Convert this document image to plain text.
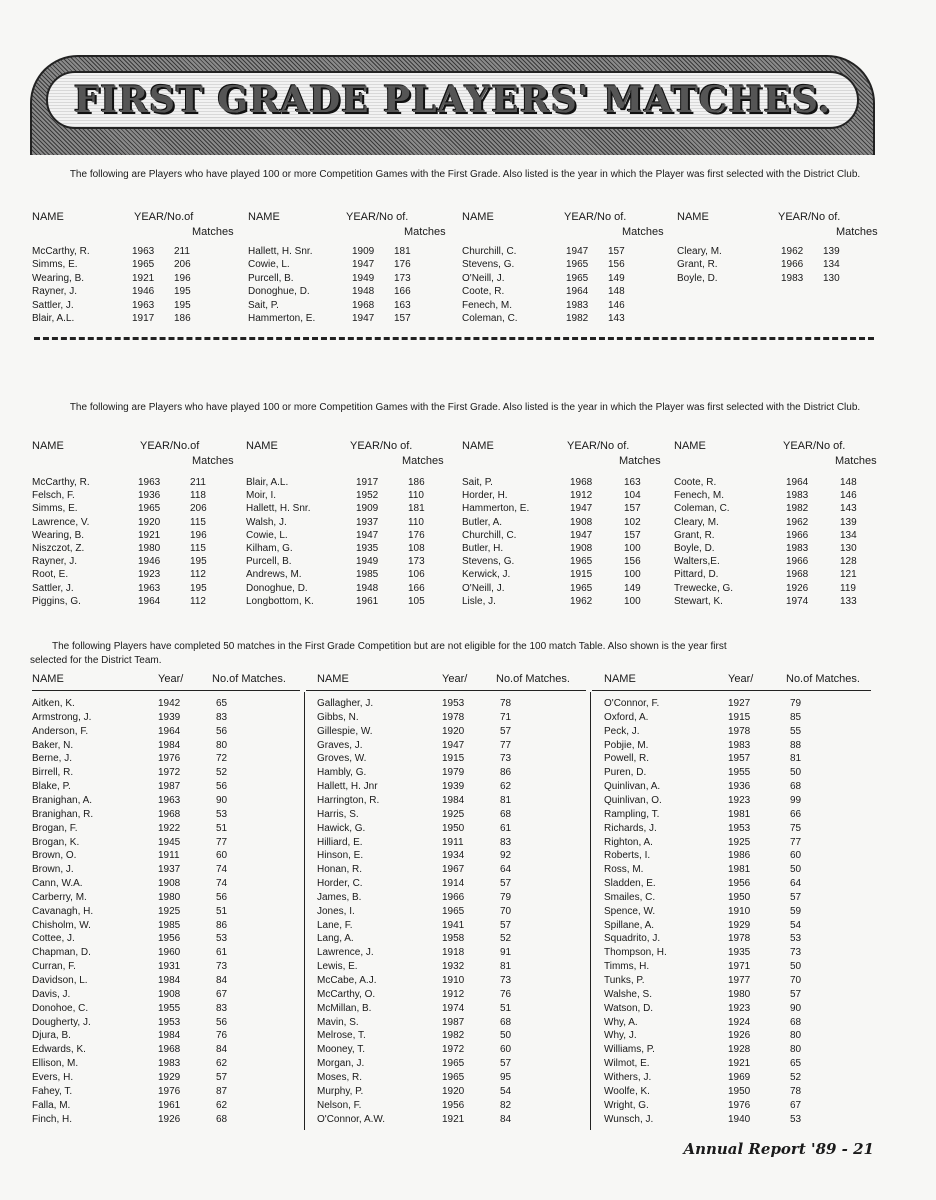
FIRST GRADE PLAYERS' MATCHES.
The following are Players who have played 100 or more Competition Games with the First Grade. Also listed is the year in which the Player was first selected with the District Club.
NAME	YEAR/No.of
Matches
McCarthy, R.	1963 211
Simms, E.	1965 206
Wearing, B.	1921 196
Rayner, J.	1946 195
Sattler, J.	1963 195
Blair, A.L.	1917 186
NAME	YEAR/No of.
Matches
Hallett, H. Snr.	1909 181
Cowie, L.	1947 176
Purcell, B.	1949 173
Donoghue, D.	1948 166
Sait, P.	1968 163
Hammerton, E.	1947 157
NAME	YEAR/No of.
Matches
Churchill, C.	1947 157
Stevens, G.	1965 156
O'Neill, J.	1965 149
Coote, R.	1964 148
Fenech, M.	1983 146
Coleman, C.	1982 143
NAME	YEAR/No of.
Matches
Cleary, M.	1962 139
Grant, R.	1966 134
Boyle, D.	1983 130
The following are Players who have played 100 or more Competition Games with the First Grade. Also listed is the year in which the Player was first selected with the District Club.
NAME	YEAR/No.of
Matches
McCarthy, R.	1963	211
Felsch, F.	1936	118
Simms, E.	1965	206
Lawrence, V.	1920	115
Wearing, B.	1921	196
Niszczot, Z.	1980	115
Rayner, J.	1946	195
Root, E.	1923	112
Sattler, J.	1963	195
Piggins, G.	1964	112
NAME	YEAR/No of.
Matches
Blair, A.L.	1917	186
Moir, I.	1952	110
Hallett, H. Snr.	1909	181
Walsh, J.	1937	110
Cowie, L.	1947	176
Kilham, G.	1935	108
Purcell, B.	1949	173
Andrews, M.	1985	106
Donoghue, D.	1948	166
Longbottom, K.	1961	105
NAME	YEAR/No of.
Matches
Sait, P.	1968	163
Horder, H.	1912	104
Hammerton, E.	1947	157
Butler, A.	1908	102
Churchill, C.	1947	157
Butler, H.	1908	100
Stevens, G.	1965	156
Kerwick, J.	1915	100
O'Neill, J.	1965	149
Lisle, J.	1962	100
NAME	YEAR/No of.
Matches
Coote, R.	1964	148
Fenech, M.	1983	146
Coleman, C.	1982	143
Cleary, M.	1962	139
Grant, R.	1966	134
Boyle, D.	1983	130
Walters,E.	1966	128
Pittard, D.	1968	121
Trewecke, G.	1926	119
Stewart, K.	1974	133
The following Players have completed 50 matches in the First Grade Competition but are not eligible for the 100 match Table. Also shown is the year first
selected for the District Team.
NAME	Year/	No.of Matches.
Aitken, K.	1942	65
Armstrong, J.	1939	83
Anderson, F.	1964	56
Baker, N.	1984	80
Berne, J.	1976	72
Birrell, R.	1972	52
Blake, P.	1987	56
Branighan, A.	1963	90
Branighan, R.	1968	53
Brogan, F.	1922	51
Brogan, K.	1945	77
Brown, O.	1911	60
Brown, J.	1937	74
Cann, W.A.	1908	74
Carberry, M.	1980	56
Cavanagh, H.	1925	51
Chisholm, W.	1985	86
Cottee, J.	1956	53
Chapman, D.	1960	61
Curran, F.	1931	73
Davidson, L.	1984	84
Davis, J.	1908	67
Donohoe, C.	1955	83
Dougherty, J.	1953	56
Djura, B.	1984	76
Edwards, K.	1968	84
Ellison, M.	1983	62
Evers, H.	1929	57
Fahey, T.	1976	87
Falla, M.	1961	62
Finch, H.	1926	68
NAME	Year/	No.of Matches.
Gallagher, J.	1953	78
Gibbs, N.	1978	71
Gillespie, W.	1920	57
Graves, J.	1947	77
Groves, W.	1915	73
Hambly, G.	1979	86
Hallett, H. Jnr	1939	62
Harrington, R.	1984	81
Harris, S.	1925	68
Hawick, G.	1950	61
Hilliard, E.	1911	83
Hinson, E.	1934	92
Honan, R.	1967	64
Horder, C.	1914	57
James, B.	1966	79
Jones, I.	1965	70
Lane, F.	1941	57
Lang, A.	1958	52
Lawrence, J.	1918	91
Lewis, E.	1932	81
McCabe, A.J.	1910	73
McCarthy, O.	1912	76
McMillan, B.	1974	51
Mavin, S.	1987	68
Melrose, T.	1982	50
Mooney, T.	1972	60
Morgan, J.	1965	57
Moses, R.	1965	95
Murphy, P.	1920	54
Nelson, F.	1956	82
O'Connor, A.W.	1921	84
NAME	Year/	No.of Matches.
O'Connor, F.	1927	79
Oxford, A.	1915	85
Peck, J.	1978	55
Pobjie, M.	1983	88
Powell, R.	1957	81
Puren, D.	1955	50
Quinlivan, A.	1936	68
Quinlivan, O.	1923	99
Rampling, T.	1981	66
Richards, J.	1953	75
Righton, A.	1925	77
Roberts, I.	1986	60
Ross, M.	1981	50
Sladden, E.	1956	64
Smailes, C.	1950	57
Spence, W.	1910	59
Spillane, A.	1929	54
Squadrito, J.	1978	53
Thompson, H.	1935	73
Timms, H.	1971	50
Tunks, P.	1977	70
Walshe, S.	1980	57
Watson, D.	1923	90
Why, A.	1924	68
Why, J.	1926	80
Williams, P.	1928	80
Wilmot, E.	1921	65
Withers, J.	1969	52
Woolfe, K.	1950	78
Wright, G.	1976	67
Wunsch, J.	1940	53
Annual Report '89 - 21
